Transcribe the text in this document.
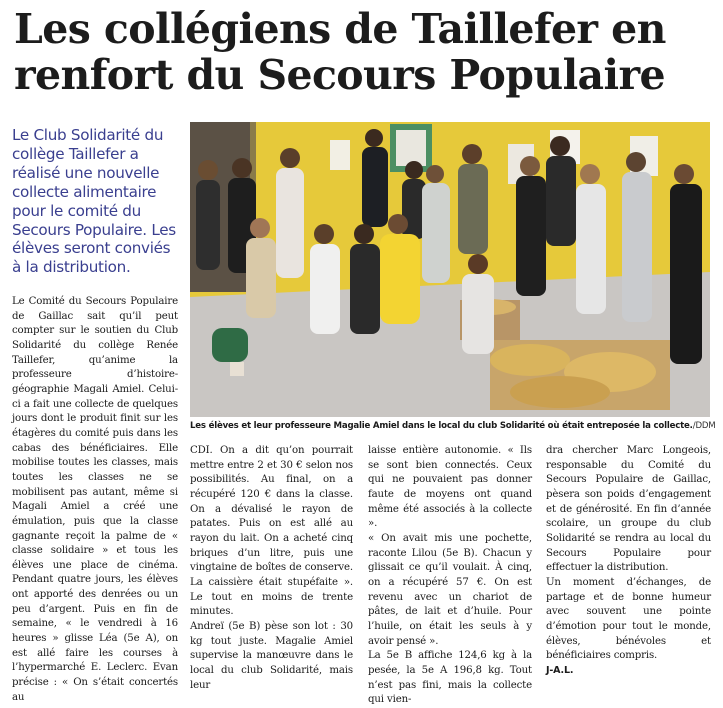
Les collégiens de Taillefer en
renfort du Secours Populaire

Le Club Solidarité du collège Taillefer a réalisé une nouvelle collecte alimentaire pour le comité du Secours Populaire. Les élèves seront conviés à la distribution.

Le Comité du Secours Populaire de Gaillac sait qu’il peut compter sur le soutien du Club Solidarité du collège Renée Taillefer, qu’anime la professeure d’histoire-géographie Magali Amiel. Celui-ci a fait une collecte de quelques jours dont le produit finit sur les étagères du comité puis dans les cabas des bénéficiaires. Elle mobilise toutes les classes, mais toutes les classes ne se mobilisent pas autant, même si Magali Amiel a créé une émulation, puis que la classe gagnante reçoit la palme de « classe solidaire » et tous les élèves une place de cinéma. Pendant quatre jours, les élèves ont apporté des denrées ou un peu d’argent. Puis en fin de semaine, « le vendredi à 16 heures » glisse Léa (5e A), on est allé faire les courses à l’hypermarché E. Leclerc. Evan précise : « On s’était concertés au

Les élèves et leur professeure Magalie Amiel dans le local du club Solidarité où était entreposée la collecte./DDM

CDI. On a dit qu’on pourrait mettre entre 2 et 30 € selon nos possibilités. Au final, on a récupéré 120 € dans la classe. On a dévalisé le rayon de patates. Puis on est allé au rayon du lait. On a acheté cinq briques d’un litre, puis une vingtaine de boîtes de conserve. La caissière était stupéfaite ». Le tout en moins de trente minutes.
Andreï (5e B) pèse son lot : 30 kg tout juste. Magalie Amiel supervise la manœuvre dans le local du club Solidarité, mais leur
laisse entière autonomie. « Ils se sont bien connectés. Ceux qui ne pouvaient pas donner faute de moyens ont quand même été associés à la collecte ».
« On avait mis une pochette, raconte Lilou (5e B). Chacun y glissait ce qu’il voulait. À cinq, on a récupéré 57 €. On est revenu avec un chariot de pâtes, de lait et d’huile. Pour l’huile, on était les seuls à y avoir pensé ».
La 5e B affiche 124,6 kg à la pesée, la 5e A 196,8 kg. Tout n’est pas fini, mais la collecte qui vien-
dra chercher Marc Longeois, responsable du Comité du Secours Populaire de Gaillac, pèsera son poids d’engagement et de générosité. En fin d’année scolaire, un groupe du club Solidarité se rendra au local du Secours Populaire pour effectuer la distribution.
Un moment d’échanges, de partage et de bonne humeur avec souvent une pointe d’émotion pour tout le monde, élèves, bénévoles et bénéficiaires compris.
J-A.L.
